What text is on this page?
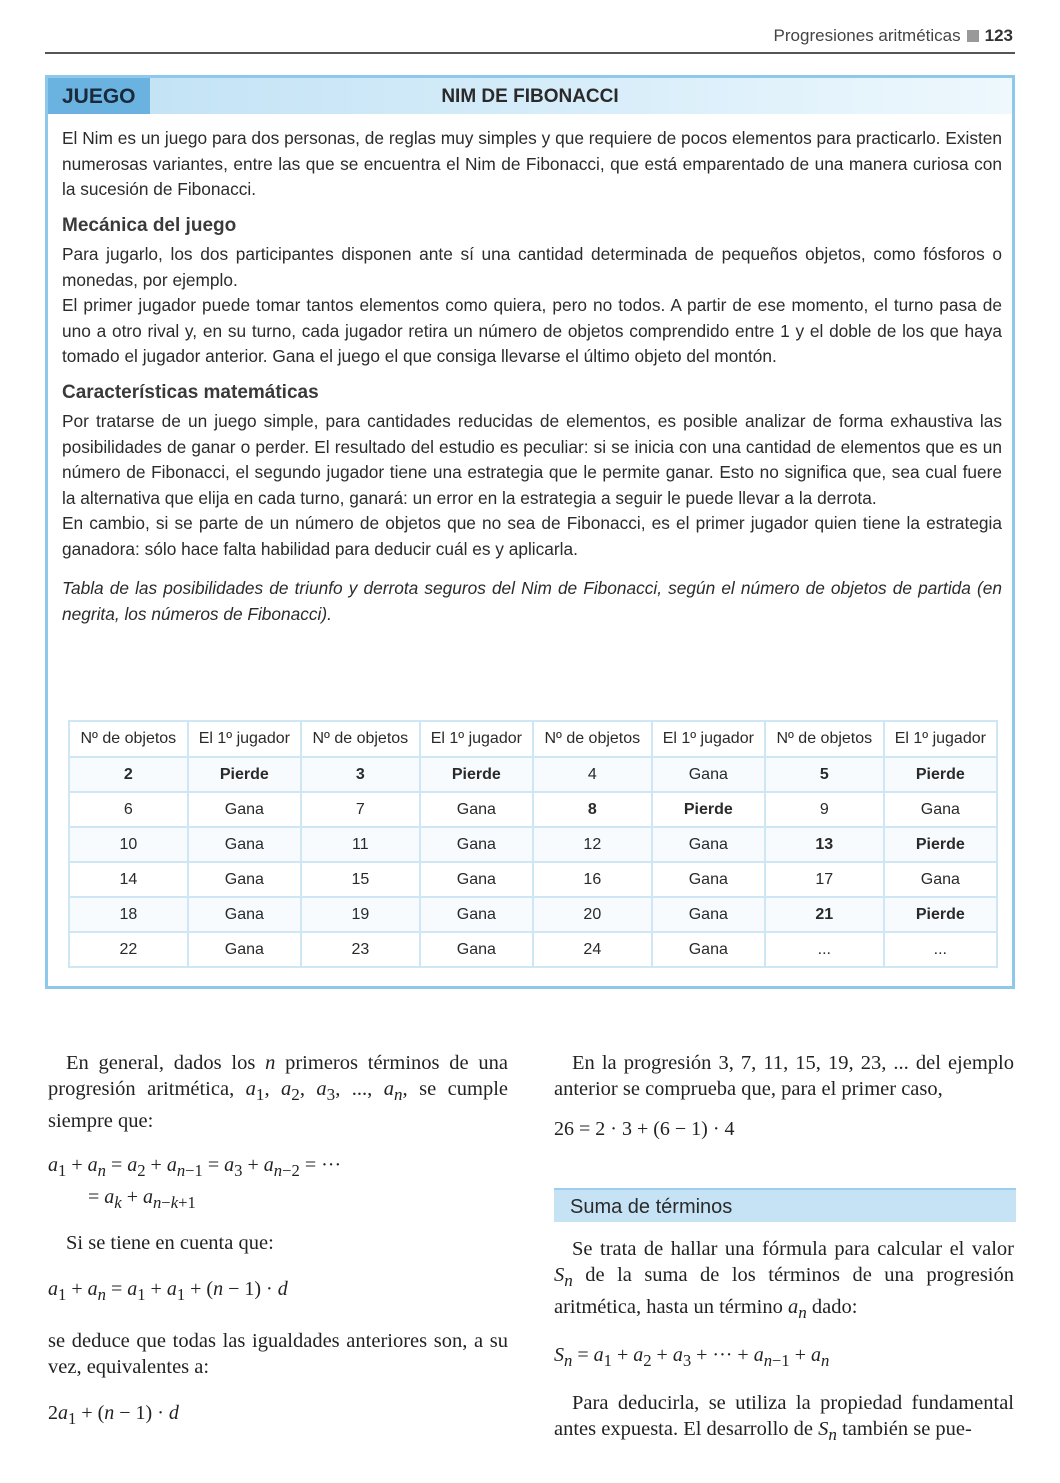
Progresiones aritméticas 123
JUEGO	NIM DE FIBONACCI

El Nim es un juego para dos personas, de reglas muy simples y que requiere de pocos elementos para practicarlo. Existen numerosas variantes, entre las que se encuentra el Nim de Fibonacci, que está emparentado de una manera curiosa con la sucesión de Fibonacci.

Mecánica del juego

Para jugarlo, los dos participantes disponen ante sí una cantidad determinada de pequeños objetos, como fósforos o monedas, por ejemplo.

El primer jugador puede tomar tantos elementos como quiera, pero no todos. A partir de ese momento, el turno pasa de uno a otro rival y, en su turno, cada jugador retira un número de objetos comprendido entre 1 y el doble de los que haya tomado el jugador anterior. Gana el juego el que consiga llevarse el último objeto del montón.

Características matemáticas

Por tratarse de un juego simple, para cantidades reducidas de elementos, es posible analizar de forma exhaustiva las posibilidades de ganar o perder. El resultado del estudio es peculiar: si se inicia con una cantidad de elementos que es un número de Fibonacci, el segundo jugador tiene una estrategia que le permite ganar. Esto no significa que, sea cual fuere la alternativa que elija en cada turno, ganará: un error en la estrategia a seguir le puede llevar a la derrota.

En cambio, si se parte de un número de objetos que no sea de Fibonacci, es el primer jugador quien tiene la estrategia ganadora: sólo hace falta habilidad para deducir cuál es y aplicarla.

Tabla de las posibilidades de triunfo y derrota seguros del Nim de Fibonacci, según el número de objetos de partida (en negrita, los números de Fibonacci).

Nº de objetos	El 1º jugador	Nº de objetos	El 1º jugador	Nº de objetos	El 1º jugador	Nº de objetos	El 1º jugador
2	Pierde	3	Pierde	4	Gana	5	Pierde
6	Gana	7	Gana	8	Pierde	9	Gana
10	Gana	11	Gana	12	Gana	13	Pierde
14	Gana	15	Gana	16	Gana	17	Gana
18	Gana	19	Gana	20	Gana	21	Pierde
22	Gana	23	Gana	24	Gana	...	...

En general, dados los n primeros términos de una progresión aritmética, $a_1$, $a_2$, $a_3$, ..., $a_n$, se cumple siempre que:

$a_1 + a_n = a_2 + a_{n-1} = a_3 + a_{n-2}$ = ···

= $a_k + a_{n-k+1}$

Si se tiene en cuenta que:

$a_1 + a_n = a_1 + a_1 + (n - 1) \cdot d$

se deduce que todas las igualdades anteriores son, a su vez, equivalentes a:

$2a_1 + (n - 1) \cdot d$

En la progresión 3, 7, 11, 15, 19, 23, ... del ejemplo anterior se comprueba que, para el primer caso,

26 = 2 · 3 + (6 − 1) · 4

Suma de términos

Se trata de hallar una fórmula para calcular el valor $S_n$ de la suma de los términos de una progresión aritmética, hasta un término $a_n$ dado:

$S_n = a_1 + a_2 + a_3$ + ··· + $a_{n-1} + a_n$

Para deducirla, se utiliza la propiedad fundamental antes expuesta. El desarrollo de $S_n$ también se pue-
